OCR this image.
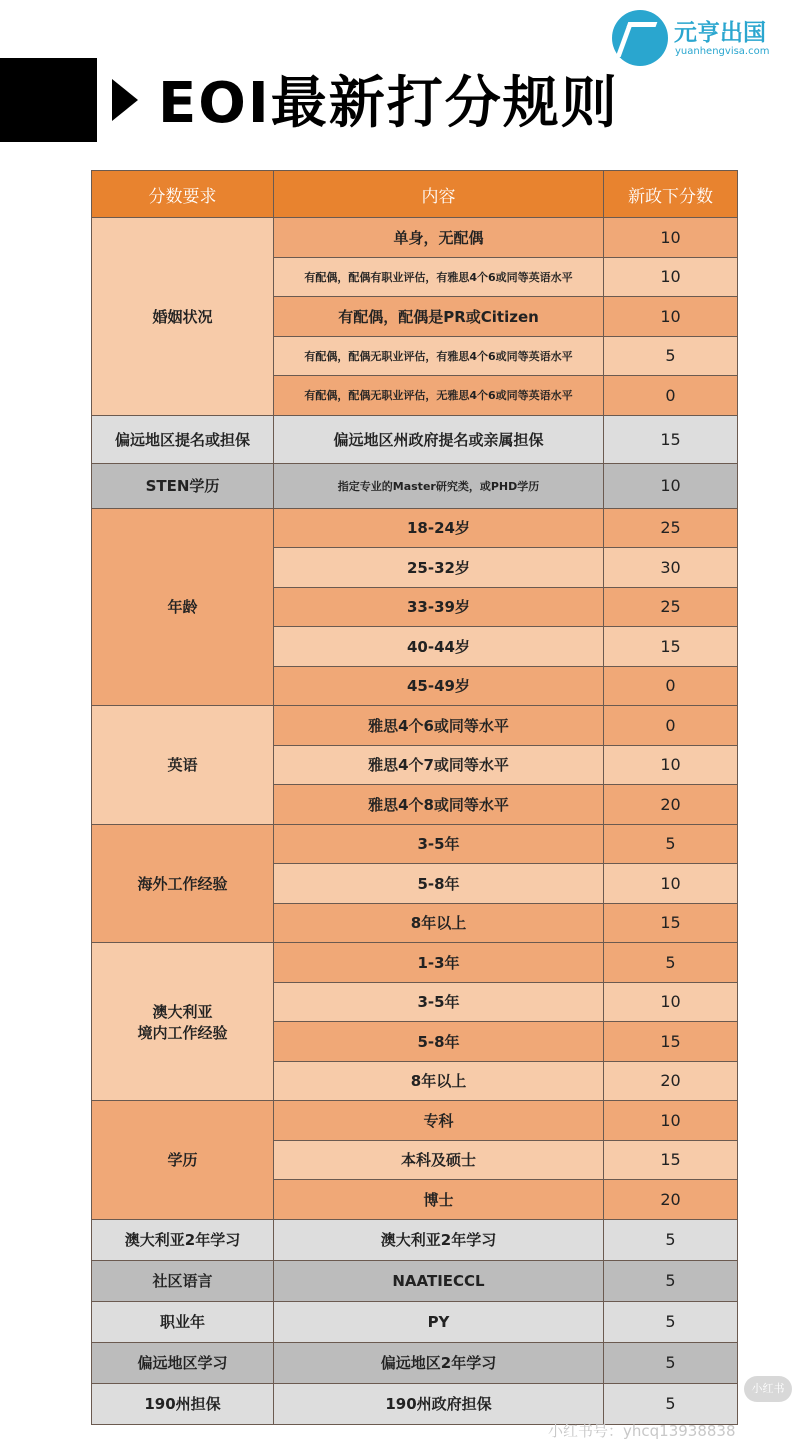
EOI最新打分规则
元亨出国
yuanhengvisa.com
分数要求	内容	新政下分数
婚姻状况	单身，无配偶	10
	有配偶，配偶有职业评估，有雅思4个6或同等英语水平	10
	有配偶，配偶是PR或Citizen	10
	有配偶，配偶无职业评估，有雅思4个6或同等英语水平	5
	有配偶，配偶无职业评估，无雅思4个6或同等英语水平	0
偏远地区提名或担保	偏远地区州政府提名或亲属担保	15
STEN学历	指定专业的Master研究类，或PHD学历	10
年龄	18-24岁	25
	25-32岁	30
	33-39岁	25
	40-44岁	15
	45-49岁	0
英语	雅思4个6或同等水平	0
	雅思4个7或同等水平	10
	雅思4个8或同等水平	20
海外工作经验	3-5年	5
	5-8年	10
	8年以上	15
澳大利亚
境内工作经验	1-3年	5
	3-5年	10
	5-8年	15
	8年以上	20
学历	专科	10
	本科及硕士	15
	博士	20
澳大利亚2年学习	澳大利亚2年学习	5
社区语言	NAATIECCL	5
职业年	PY	5
偏远地区学习	偏远地区2年学习	5
190州担保	190州政府担保	5
小红书
小红书号：yhcq13938838
